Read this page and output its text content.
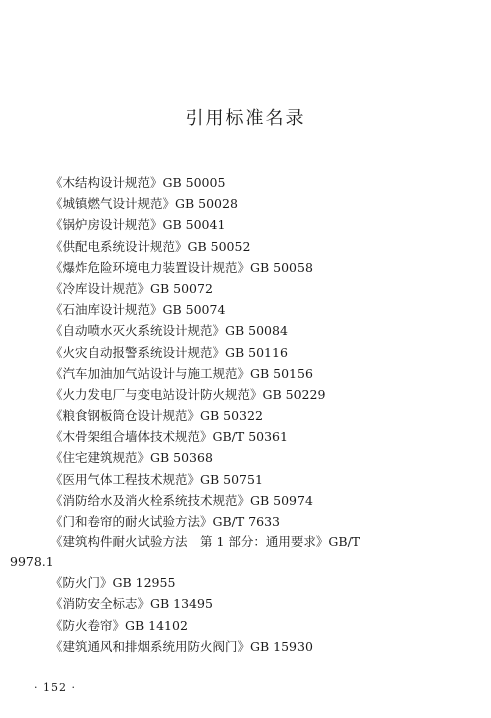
引用标准名录
《木结构设计规范》GB 50005
《城镇燃气设计规范》GB 50028
《锅炉房设计规范》GB 50041
《供配电系统设计规范》GB 50052
《爆炸危险环境电力装置设计规范》GB 50058
《冷库设计规范》GB 50072
《石油库设计规范》GB 50074
《自动喷水灭火系统设计规范》GB 50084
《火灾自动报警系统设计规范》GB 50116
《汽车加油加气站设计与施工规范》GB 50156
《火力发电厂与变电站设计防火规范》GB 50229
《粮食钢板筒仓设计规范》GB 50322
《木骨架组合墙体技术规范》GB/T 50361
《住宅建筑规范》GB 50368
《医用气体工程技术规范》GB 50751
《消防给水及消火栓系统技术规范》GB 50974
《门和卷帘的耐火试验方法》GB/T 7633
《建筑构件耐火试验方法　第 1 部分：通用要求》GB/T
9978.1
《防火门》GB 12955
《消防安全标志》GB 13495
《防火卷帘》GB 14102
《建筑通风和排烟系统用防火阀门》GB 15930
· 152 ·
